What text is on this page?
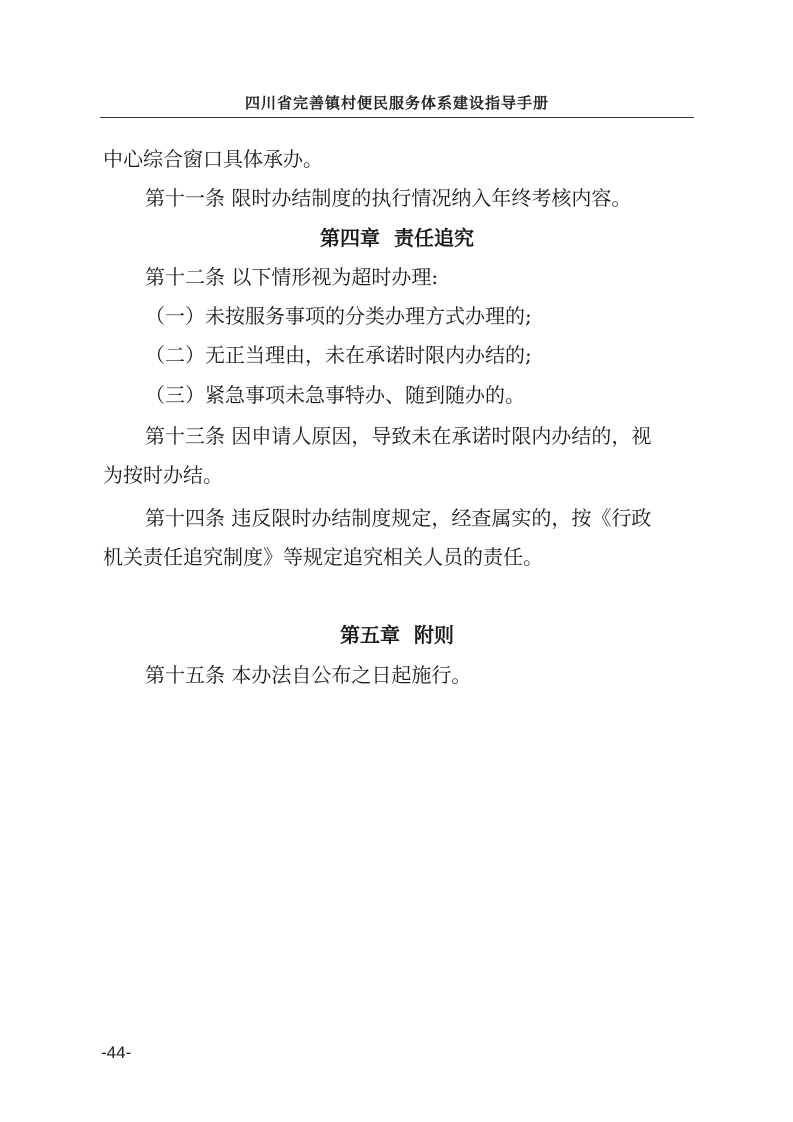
四川省完善镇村便民服务体系建设指导手册
中心综合窗口具体承办。
第十一条 限时办结制度的执行情况纳入年终考核内容。
第四章  责任追究
第十二条 以下情形视为超时办理:
（一）未按服务事项的分类办理方式办理的;
（二）无正当理由，未在承诺时限内办结的;
（三）紧急事项未急事特办、随到随办的。
第十三条 因申请人原因，导致未在承诺时限内办结的，视
为按时办结。
第十四条 违反限时办结制度规定，经查属实的，按《行政
机关责任追究制度》等规定追究相关人员的责任。
第五章  附则
第十五条 本办法自公布之日起施行。
-44-
